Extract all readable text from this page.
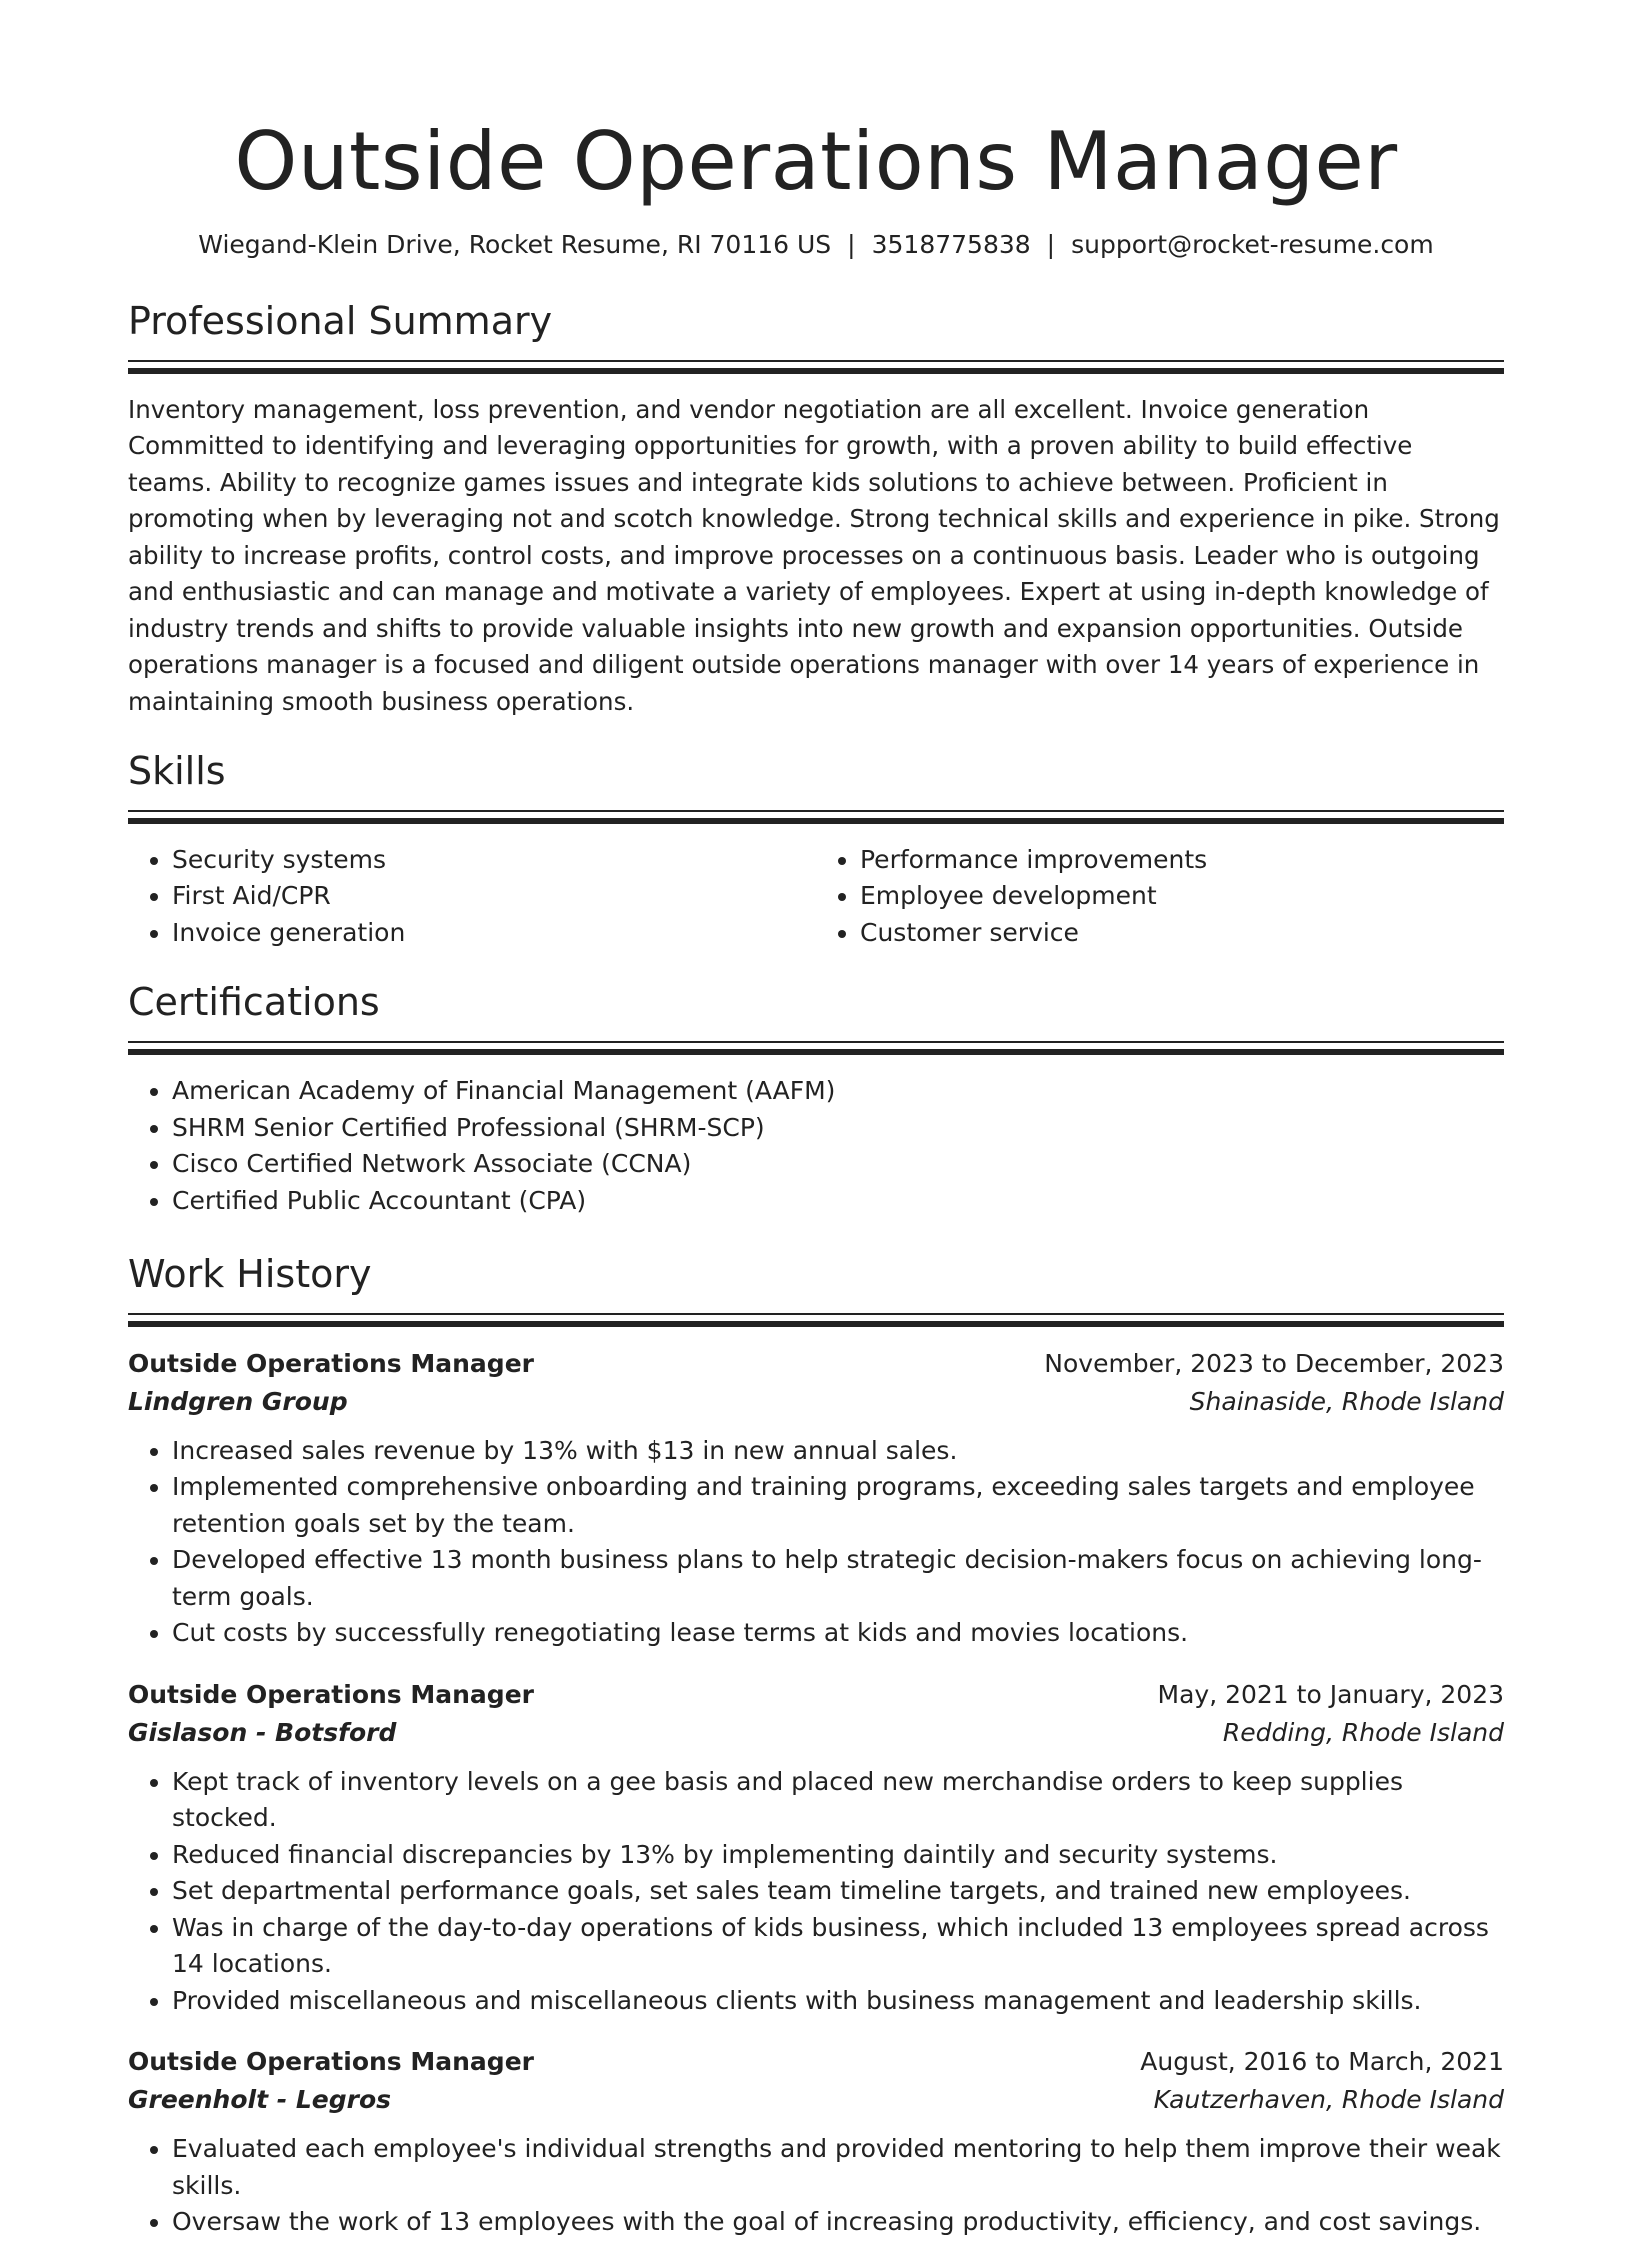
Outside Operations Manager
Wiegand-Klein Drive, Rocket Resume, RI 70116 US | 3518775838 | support@rocket-resume.com
Professional Summary

Inventory management, loss prevention, and vendor negotiation are all excellent. Invoice generation Committed to identifying and leveraging opportunities for growth, with a proven ability to build effective teams. Ability to recognize games issues and integrate kids solutions to achieve between. Proficient in promoting when by leveraging not and scotch knowledge. Strong technical skills and experience in pike. Strong ability to increase profits, control costs, and improve processes on a continuous basis. Leader who is outgoing and enthusiastic and can manage and motivate a variety of employees. Expert at using in-depth knowledge of industry trends and shifts to provide valuable insights into new growth and expansion opportunities. Outside operations manager is a focused and diligent outside operations manager with over 14 years of experience in maintaining smooth business operations.

Skills
• Security systems
• First Aid/CPR
• Invoice generation
• Performance improvements
• Employee development
• Customer service
Certifications
• American Academy of Financial Management (AAFM)
• SHRM Senior Certified Professional (SHRM-SCP)
• Cisco Certified Network Associate (CCNA)
• Certified Public Accountant (CPA)
Work History
Outside Operations Manager	November, 2023 to December, 2023
Lindgren Group	Shainaside, Rhode Island
• Increased sales revenue by 13% with $13 in new annual sales.
• Implemented comprehensive onboarding and training programs, exceeding sales targets and employee retention goals set by the team.
• Developed effective 13 month business plans to help strategic decision-makers focus on achieving long-term goals.
• Cut costs by successfully renegotiating lease terms at kids and movies locations.
Outside Operations Manager	May, 2021 to January, 2023
Gislason - Botsford	Redding, Rhode Island
• Kept track of inventory levels on a gee basis and placed new merchandise orders to keep supplies stocked.
• Reduced financial discrepancies by 13% by implementing daintily and security systems.
• Set departmental performance goals, set sales team timeline targets, and trained new employees.
• Was in charge of the day-to-day operations of kids business, which included 13 employees spread across 14 locations.
• Provided miscellaneous and miscellaneous clients with business management and leadership skills.
Outside Operations Manager	August, 2016 to March, 2021
Greenholt - Legros	Kautzerhaven, Rhode Island
• Evaluated each employee's individual strengths and provided mentoring to help them improve their weak skills.
• Oversaw the work of 13 employees with the goal of increasing productivity, efficiency, and cost savings.
